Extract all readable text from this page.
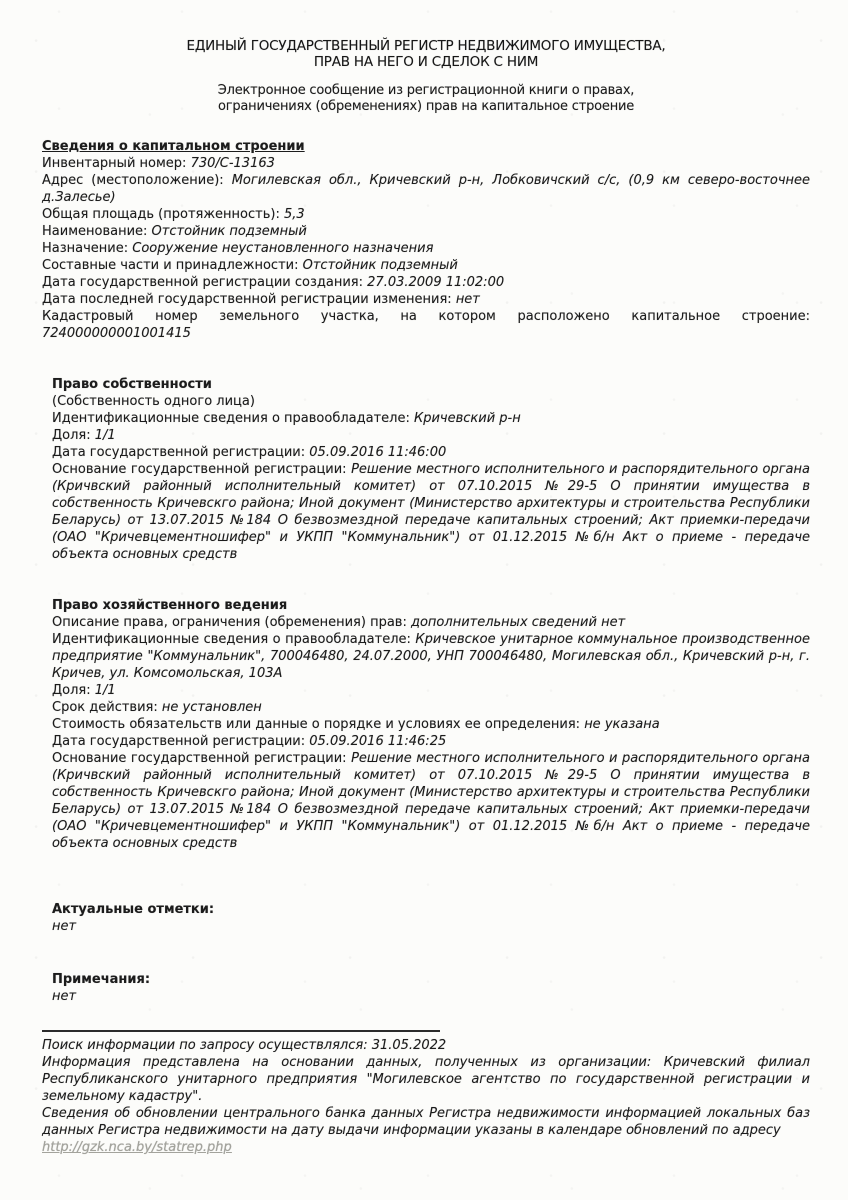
ЕДИНЫЙ ГОСУДАРСТВЕННЫЙ РЕГИСТР НЕДВИЖИМОГО ИМУЩЕСТВА,
ПРАВ НА НЕГО И СДЕЛОК С НИМ
Электронное сообщение из регистрационной книги о правах,
ограничениях (обременениях) прав на капитальное строение
Сведения о капитальном строении

Инвентарный номер: 730/С-13163

Адрес (местоположение): Могилевская обл., Кричевский р-н, Лобковичский с/с, (0,9 км северо-восточнее д.Залесье)

Общая площадь (протяженность): 5,3

Наименование: Отстойник подземный

Назначение: Сооружение неустановленного назначения

Составные части и принадлежности: Отстойник подземный

Дата государственной регистрации создания: 27.03.2009 11:02:00

Дата последней государственной регистрации изменения: нет

Кадастровый номер земельного участка, на котором расположено капитальное строение: 724000000001001415

Право собственности

(Собственность одного лица)

Идентификационные сведения о правообладателе: Кричевский р-н

Доля: 1/1

Дата государственной регистрации: 05.09.2016 11:46:00

Основание государственной регистрации: Решение местного исполнительного и распорядительного органа (Кричвский районный исполнительный комитет) от 07.10.2015 №29-5 О принятии имущества в собственность Кричевскго района; Иной документ (Министерство архитектуры и строительства Республики Беларусь) от 13.07.2015 №184 О безвозмездной передаче капитальных строений; Акт приемки-передачи (ОАО "Кричевцементношифер" и УКПП "Коммунальник") от 01.12.2015 №б/н Акт о приеме - передаче объекта основных средств

Право хозяйственного ведения

Описание права, ограничения (обременения) прав: дополнительных сведений нет

Идентификационные сведения о правообладателе: Кричевское унитарное коммунальное производственное предприятие "Коммунальник", 700046480, 24.07.2000, УНП 700046480, Могилевская обл., Кричевский р-н, г. Кричев, ул. Комсомольская, 103А

Доля: 1/1

Срок действия: не установлен

Стоимость обязательств или данные о порядке и условиях ее определения: не указана

Дата государственной регистрации: 05.09.2016 11:46:25

Основание государственной регистрации: Решение местного исполнительного и распорядительного органа (Кричвский районный исполнительный комитет) от 07.10.2015 №29-5 О принятии имущества в собственность Кричевскго района; Иной документ (Министерство архитектуры и строительства Республики Беларусь) от 13.07.2015 №184 О безвозмездной передаче капитальных строений; Акт приемки-передачи (ОАО "Кричевцементношифер" и УКПП "Коммунальник") от 01.12.2015 №б/н Акт о приеме - передаче объекта основных средств

Актуальные отметки:

нет

Примечания:

нет

Поиск информации по запросу осуществлялся: 31.05.2022

Информация представлена на основании данных, полученных из организации: Кричевский филиал Республиканского унитарного предприятия "Могилевское агентство по государственной регистрации и земельному кадастру".

Сведения об обновлении центрального банка данных Регистра недвижимости информацией локальных баз данных Регистра недвижимости на дату выдачи информации указаны в календаре обновлений по адресу

http://gzk.nca.by/statrep.php
